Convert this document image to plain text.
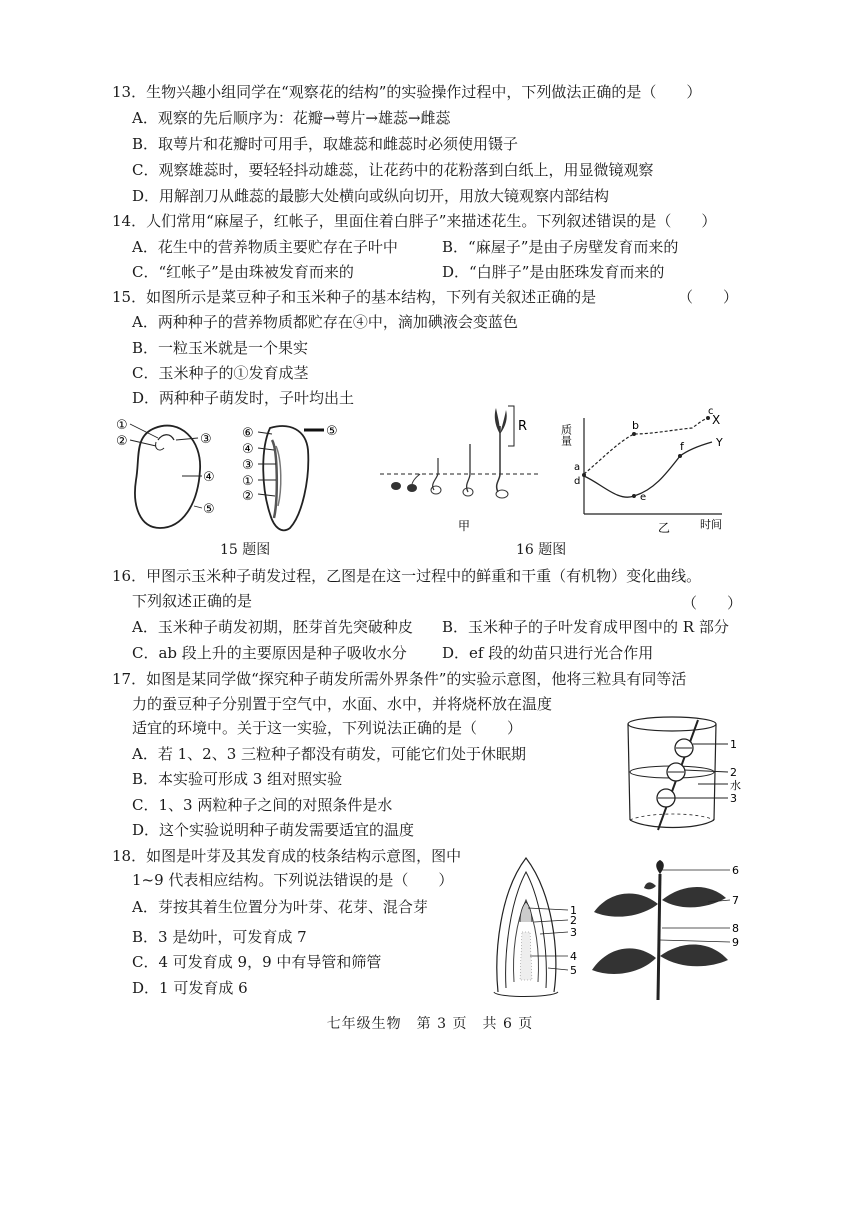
13．生物兴趣小组同学在“观察花的结构”的实验操作过程中，下列做法正确的是（　　）
A．观察的先后顺序为：花瓣→萼片→雄蕊→雌蕊
B．取萼片和花瓣时可用手，取雄蕊和雌蕊时必须使用镊子
C．观察雄蕊时，要轻轻抖动雄蕊，让花药中的花粉落到白纸上，用显微镜观察
D．用解剖刀从雌蕊的最膨大处横向或纵向切开，用放大镜观察内部结构
14．人们常用“麻屋子，红帐子，里面住着白胖子”来描述花生。下列叙述错误的是（　　）
A．花生中的营养物质主要贮存在子叶中	B．“麻屋子”是由子房壁发育而来的
C．“红帐子”是由珠被发育而来的	D．“白胖子”是由胚珠发育而来的
15．如图所示是菜豆种子和玉米种子的基本结构，下列有关叙述正确的是	（　　）
A．两种种子的营养物质都贮存在④中，滴加碘液会变蓝色
B．一粒玉米就是一个果实
C．玉米种子的①发育成茎
D．两种种子萌发时，子叶均出土
①
②	③
④
⑤
⑥
④
③
①
②
⑤
15 题图
R
甲
质量
时间
a
b
c
d
e
f
X
Y
乙
16 题图
16．甲图示玉米种子萌发过程，乙图是在这一过程中的鲜重和干重（有机物）变化曲线。
下列叙述正确的是	（　　）
A．玉米种子萌发初期，胚芽首先突破种皮 B．玉米种子的子叶发育成甲图中的 R 部分
C．ab 段上升的主要原因是种子吸收水分 D．ef 段的幼苗只进行光合作用
17．如图是某同学做“探究种子萌发所需外界条件”的实验示意图，他将三粒具有同等活
力的蚕豆种子分别置于空气中，水面、水中，并将烧杯放在温度
适宜的环境中。关于这一实验，下列说法正确的是（　　）
A．若 1、2、3 三粒种子都没有萌发，可能它们处于休眠期
B．本实验可形成 3 组对照实验
C．1、3 两粒种子之间的对照条件是水
D．这个实验说明种子萌发需要适宜的温度
1
2
水
3
18．如图是叶芽及其发育成的枝条结构示意图，图中
1~9 代表相应结构。下列说法错误的是（　　）
A．芽按其着生位置分为叶芽、花芽、混合芽
B．3 是幼叶，可发育成 7
C．4 可发育成 9，9 中有导管和筛管
D．1 可发育成 6
1
2
3
4
5
6
7
8
9
七年级生物　第 3 页　共 6 页
